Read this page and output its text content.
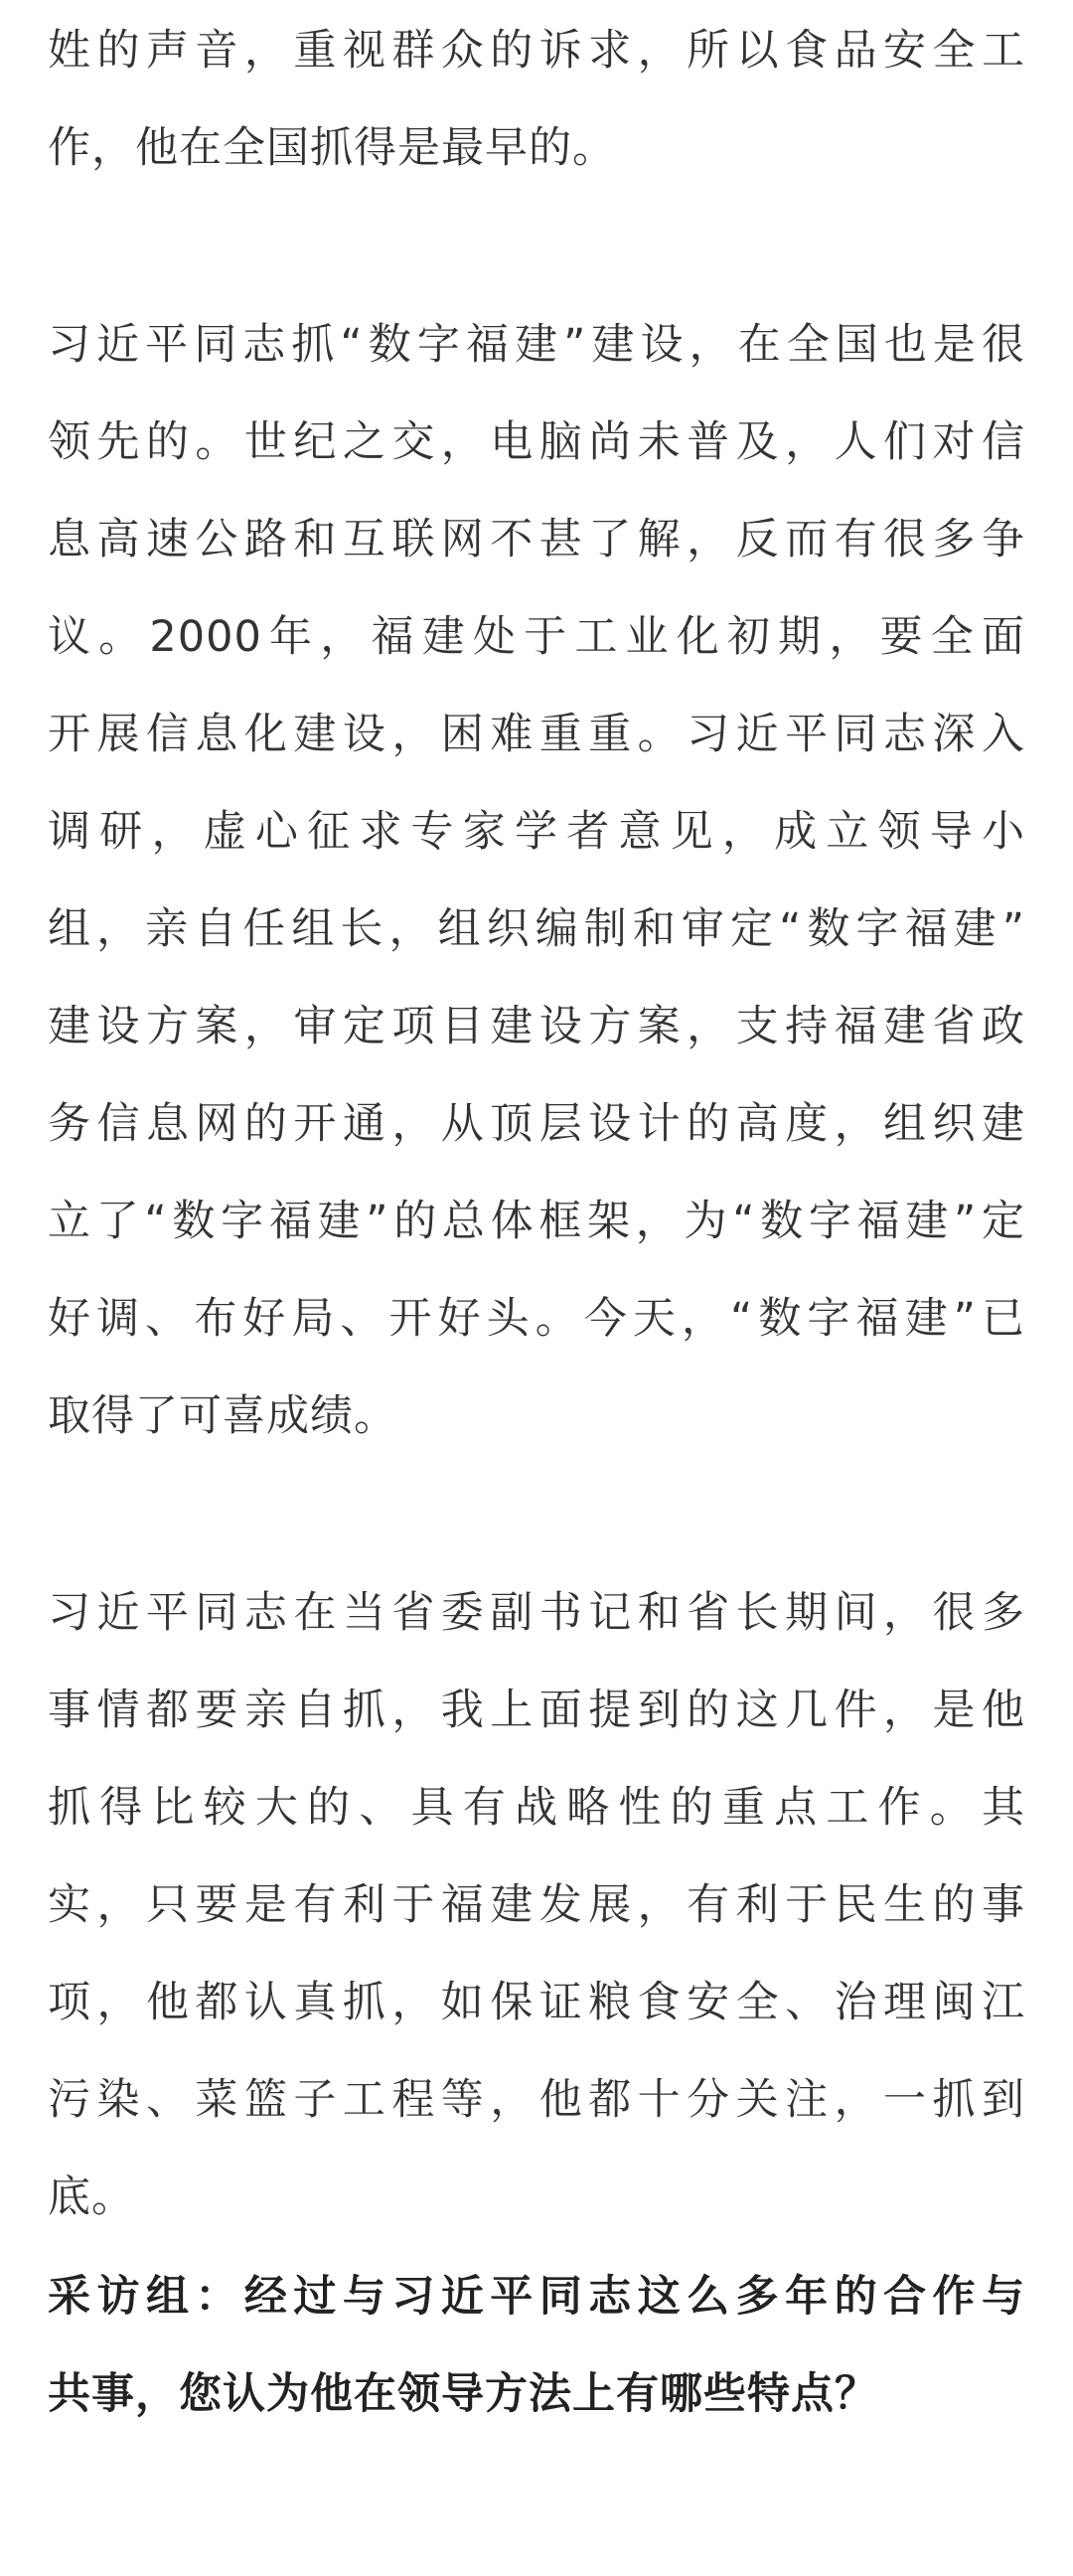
姓的声音，重视群众的诉求，所以食品安全工
作，他在全国抓得是最早的。

习近平同志抓“数字福建”建设，在全国也是很
领先的。世纪之交，电脑尚未普及，人们对信
息高速公路和互联网不甚了解，反而有很多争
议。2000年，福建处于工业化初期，要全面
开展信息化建设，困难重重。习近平同志深入
调研，虚心征求专家学者意见，成立领导小
组，亲自任组长，组织编制和审定“数字福建”
建设方案，审定项目建设方案，支持福建省政
务信息网的开通，从顶层设计的高度，组织建
立了“数字福建”的总体框架，为“数字福建”定
好调、布好局、开好头。今天，“数字福建”已
取得了可喜成绩。

习近平同志在当省委副书记和省长期间，很多
事情都要亲自抓，我上面提到的这几件，是他
抓得比较大的、具有战略性的重点工作。其
实，只要是有利于福建发展，有利于民生的事
项，他都认真抓，如保证粮食安全、治理闽江
污染、菜篮子工程等，他都十分关注，一抓到
底。

采访组：经过与习近平同志这么多年的合作与
共事，您认为他在领导方法上有哪些特点？
